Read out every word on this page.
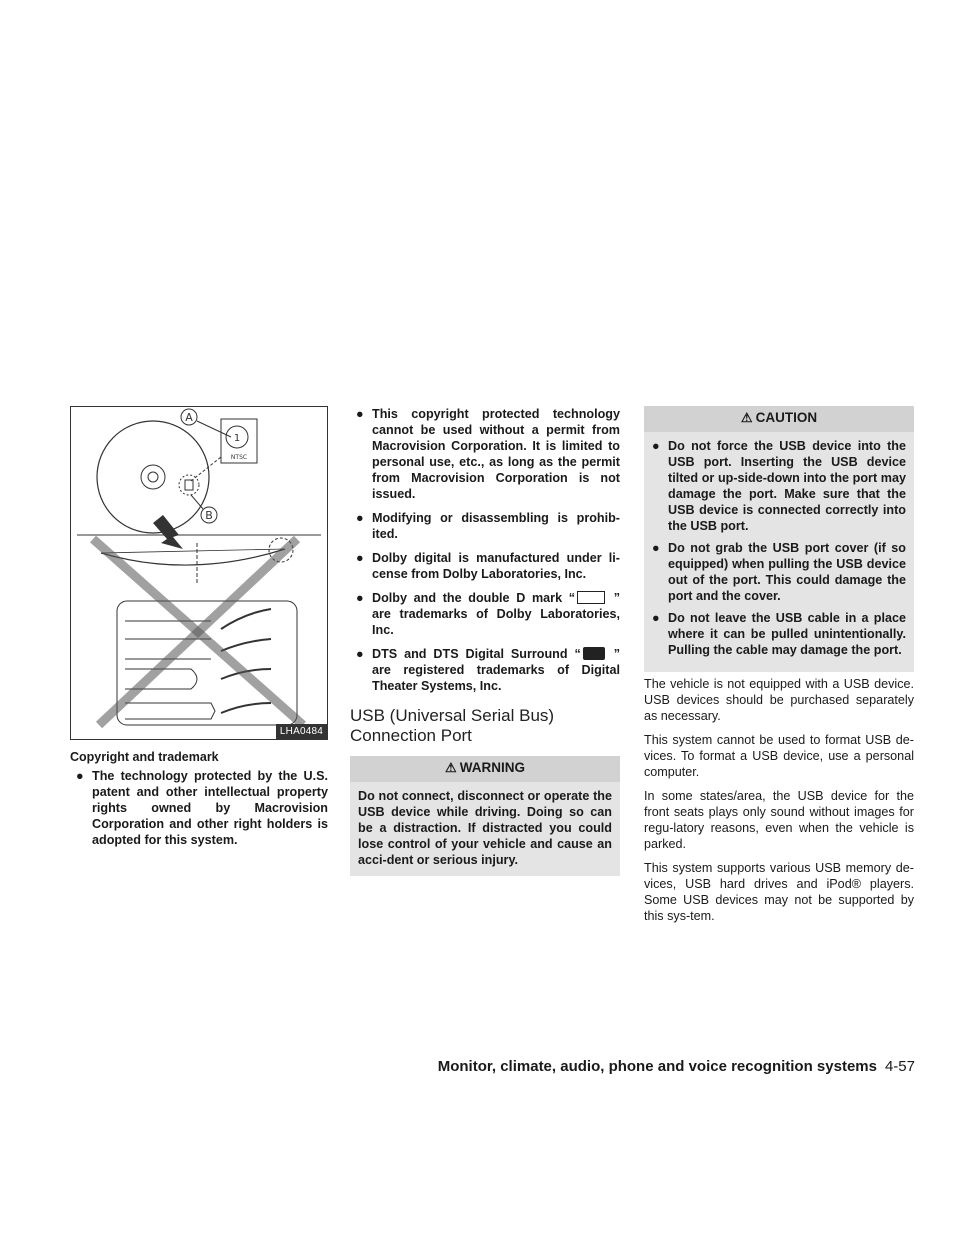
1
NTSC
A
B
LHA0484
Copyright and trademark
● The technology protected by the U.S. patent and other intellectual property rights owned by Macrovision Corporation and other right holders is adopted for this system.
● This copyright protected technology cannot be used without a permit from Macrovision Corporation. It is limited to personal use, etc., as long as the permit from Macrovision Corporation is not issued.
● Modifying or disassembling is prohib-ited.
● Dolby digital is manufactured under li-cense from Dolby Laboratories, Inc.
● Dolby and the double D mark “	” are trademarks of Dolby Laboratories, Inc.
● DTS and DTS Digital Surround “ ” are registered trademarks of Digital Theater Systems, Inc.
USB (Universal Serial Bus)
Connection Port
⚠ WARNING

Do not connect, disconnect or operate the USB device while driving. Doing so can be a distraction. If distracted you could lose control of your vehicle and cause an acci-dent or serious injury.

⚠ CAUTION
● Do not force the USB device into the USB port. Inserting the USB device tilted or up-side-down into the port may damage the port. Make sure that the USB device is connected correctly into the USB port.
● Do not grab the USB port cover (if so equipped) when pulling the USB device out of the port. This could damage the port and the cover.
● Do not leave the USB cable in a place where it can be pulled unintentionally. Pulling the cable may damage the port.

The vehicle is not equipped with a USB device. USB devices should be purchased separately as necessary.

This system cannot be used to format USB de-vices. To format a USB device, use a personal computer.

In some states/area, the USB device for the front seats plays only sound without images for regu-latory reasons, even when the vehicle is parked.

This system supports various USB memory de-vices, USB hard drives and iPod® players. Some USB devices may not be supported by this sys-tem.

Monitor, climate, audio, phone and voice recognition systems 4-57
